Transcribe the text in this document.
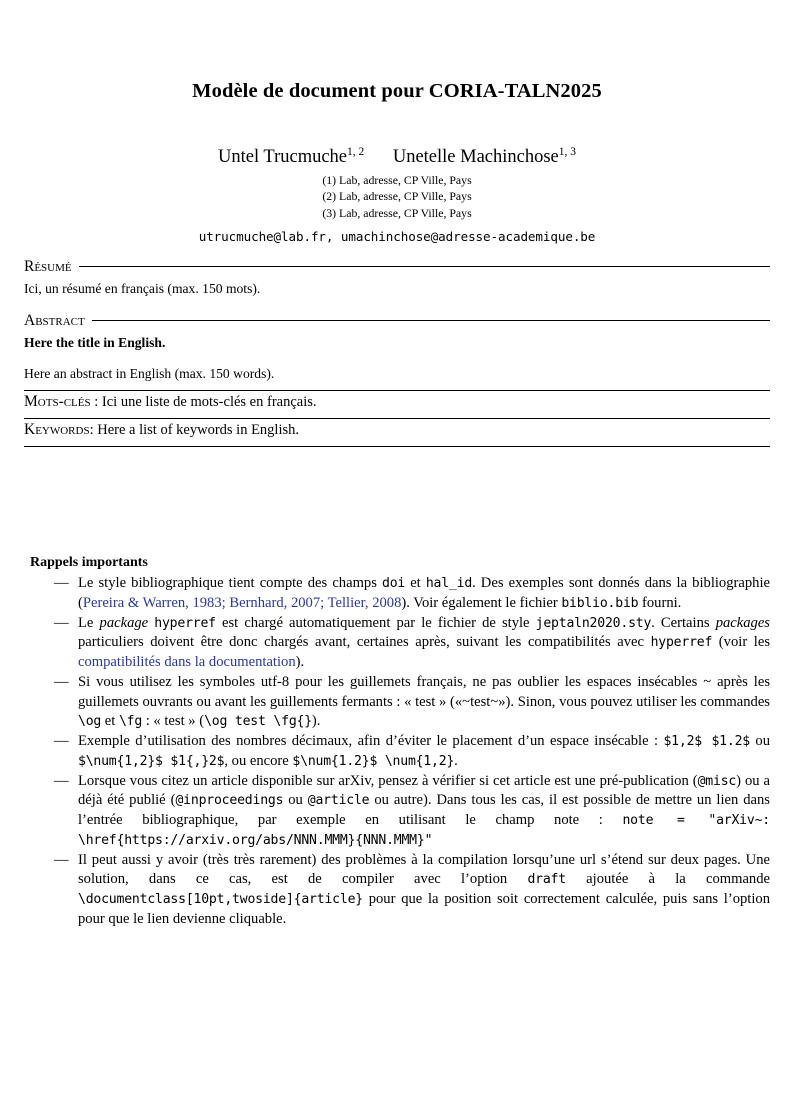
Modèle de document pour CORIA-TALN2025
Untel Trucmuche$^{1, 2}$ Unetelle Machinchose$^{1, 3}$
(1) Lab, adresse, CP Ville, Pays
(2) Lab, adresse, CP Ville, Pays
(3) Lab, adresse, CP Ville, Pays
utrucmuche@lab.fr, umachinchose@adresse-academique.be
Résumé

Ici, un résumé en français (max. 150 mots).

Abstract

Here the title in English.

Here an abstract in English (max. 150 words).

Mots-clés : Ici une liste de mots-clés en français.
Keywords: Here a list of keywords in English.
Rappels importants
— Le style bibliographique tient compte des champs doi et hal_id. Des exemples sont donnés dans la bibliographie (Pereira & Warren, 1983; Bernhard, 2007; Tellier, 2008). Voir également le fichier biblio.bib fourni.
— Le package hyperref est chargé automatiquement par le fichier de style jeptaln2020.sty. Certains packages particuliers doivent être donc chargés avant, certaines après, suivant les compatibilités avec hyperref (voir les compatibilités dans la documentation).
— Si vous utilisez les symboles utf-8 pour les guillemets français, ne pas oublier les espaces insécables ~ après les guillemets ouvrants ou avant les guillements fermants : « test » («~test~»). Sinon, vous pouvez utiliser les commandes \og et \fg : « test » (\og test \fg{}).
— Exemple d’utilisation des nombres décimaux, afin d’éviter le placement d’un espace insécable : $1,2$ $1.2$ ou $\num{1,2}$ $1{,}2$, ou encore $\num{1.2}$ \num{1,2}.
— Lorsque vous citez un article disponible sur arXiv, pensez à vérifier si cet article est une pré-publication (@misc) ou a déjà été publié (@inproceedings ou @article ou autre). Dans tous les cas, il est possible de mettre un lien dans l’entrée bibliographique, par exemple en utilisant le champ note : note = "arXiv~: \href{https://arxiv.org/abs/NNN.MMM}{NNN.MMM}"
— Il peut aussi y avoir (très très rarement) des problèmes à la compilation lorsqu’une url s’étend sur deux pages. Une solution, dans ce cas, est de compiler avec l’option draft ajoutée à la commande \documentclass[10pt,twoside]{article} pour que la position soit correctement calculée, puis sans l’option pour que le lien devienne cliquable.
